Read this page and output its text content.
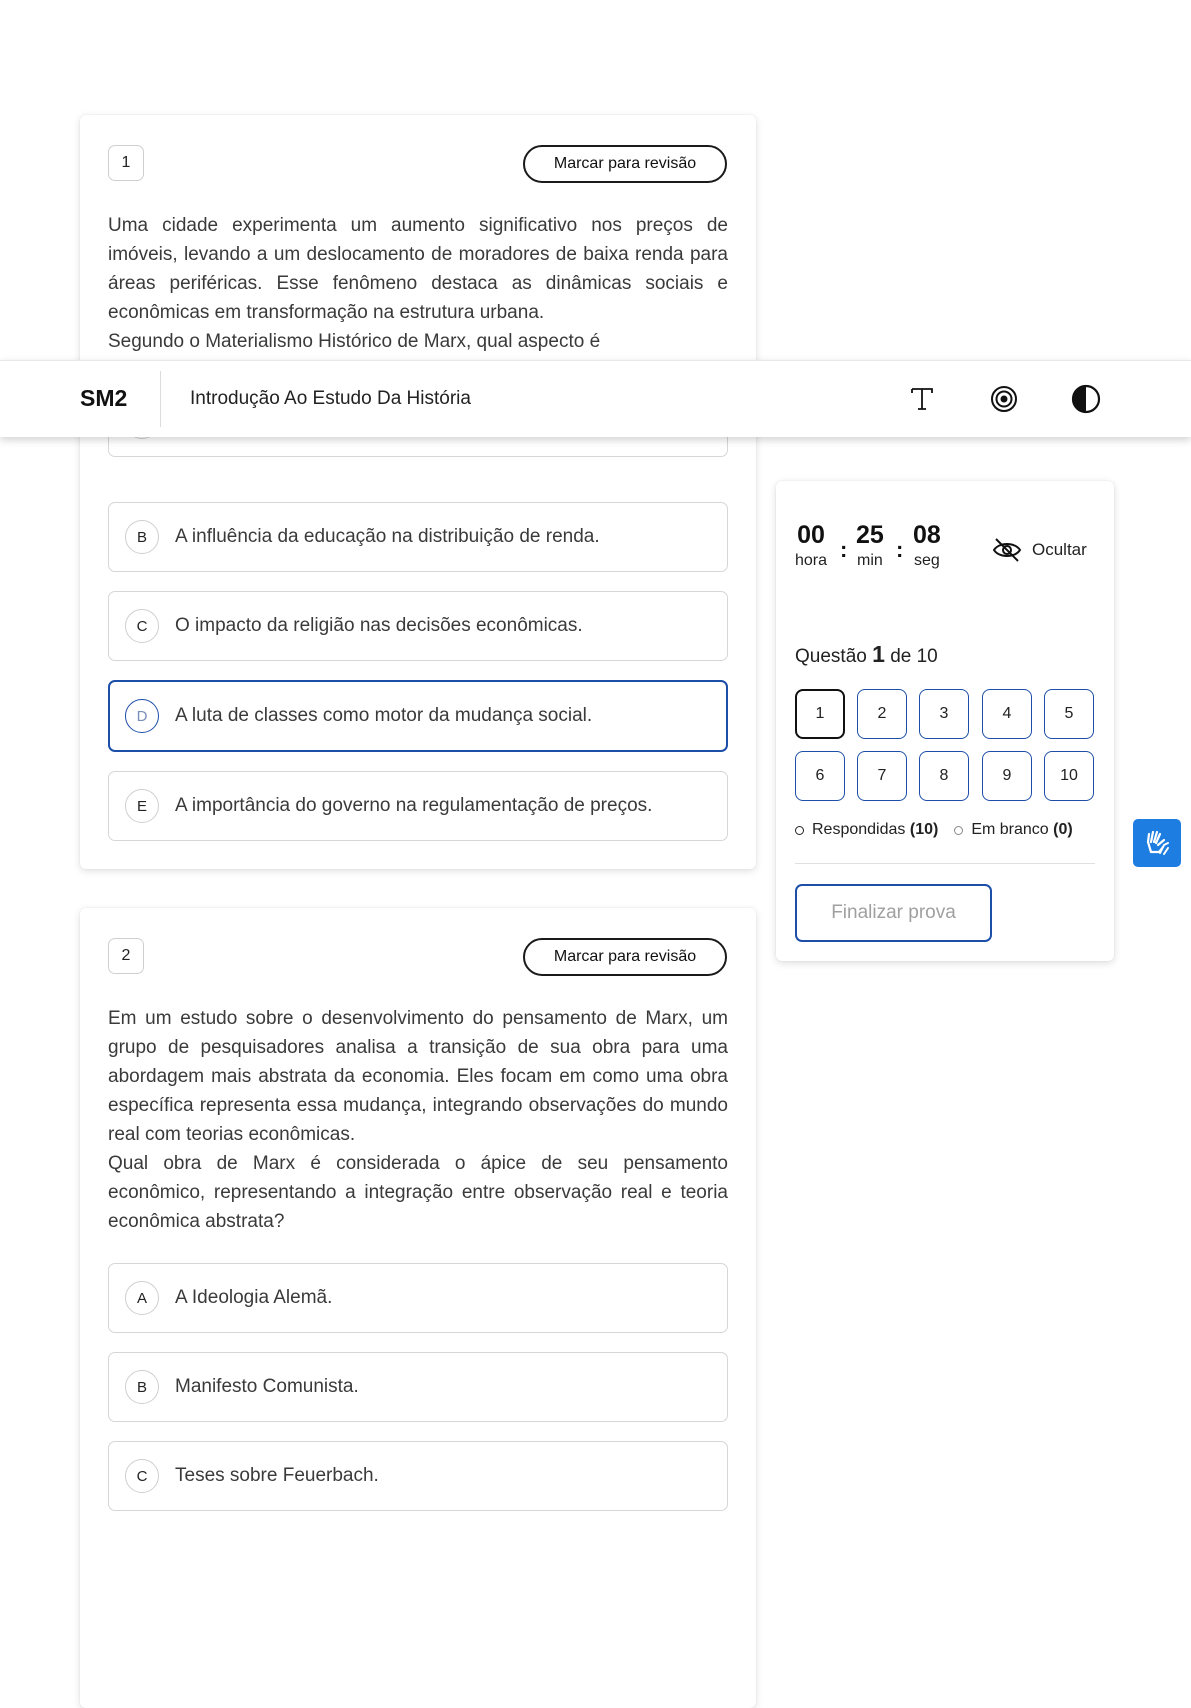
1	Marcar para revisão

Uma cidade experimenta um aumento significativo nos preços de imóveis, levando a um deslocamento de moradores de baixa renda para áreas periféricas. Esse fenômeno destaca as dinâmicas sociais e econômicas em transformação na estrutura urbana.

Segundo o Materialismo Histórico de Marx, qual aspecto é

B	A influência da educação na distribuição de renda.
C	O impacto da religião nas decisões econômicas.
D	A luta de classes como motor da mudança social.
E	A importância do governo na regulamentação de preços.
2	Marcar para revisão

Em um estudo sobre o desenvolvimento do pensamento de Marx, um grupo de pesquisadores analisa a transição de sua obra para uma abordagem mais abstrata da economia. Eles focam em como uma obra específica representa essa mudança, integrando observações do mundo real com teorias econômicas.

Qual obra de Marx é considerada o ápice de seu pensamento econômico, representando a integração entre observação real e teoria econômica abstrata?

A	A Ideologia Alemã.
B	Manifesto Comunista.
C	Teses sobre Feuerbach.
SM2	Introdução Ao Estudo Da História
00
hora :
25
min :
08
seg
Ocultar
Questão 1 de 10
1	2	3	4	5
6	7	8	9	10
Respondidas
(10) Em branco
(0)
Finalizar prova
